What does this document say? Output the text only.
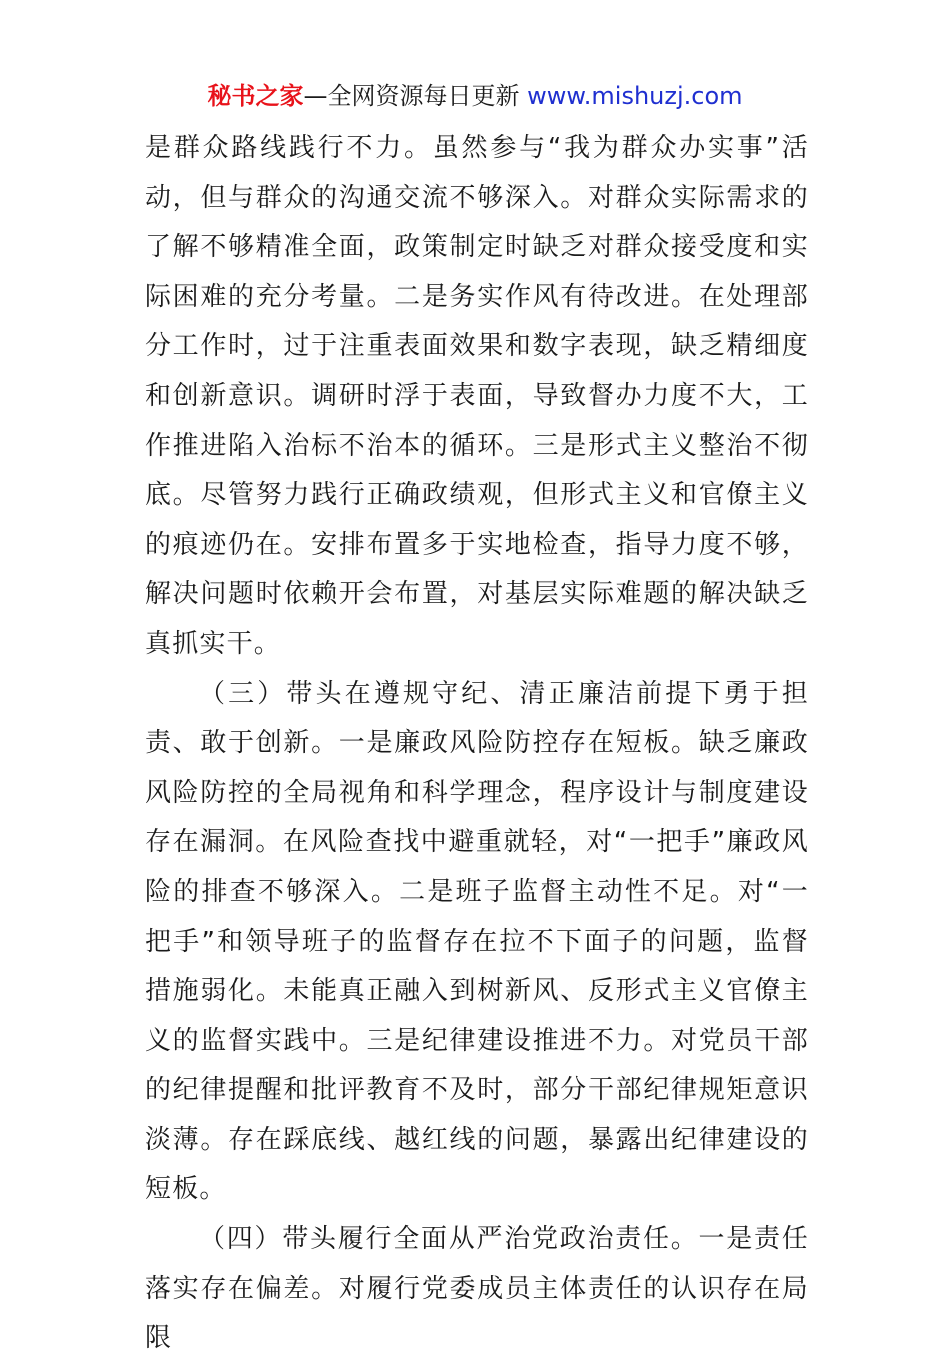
秘书之家—全网资源每日更新 www.mishuzj.com

是群众路线践行不力。虽然参与“我为群众办实事”活动，但与群众的沟通交流不够深入。对群众实际需求的了解不够精准全面，政策制定时缺乏对群众接受度和实际困难的充分考量。二是务实作风有待改进。在处理部分工作时，过于注重表面效果和数字表现，缺乏精细度和创新意识。调研时浮于表面，导致督办力度不大，工作推进陷入治标不治本的循环。三是形式主义整治不彻底。尽管努力践行正确政绩观，但形式主义和官僚主义的痕迹仍在。安排布置多于实地检查，指导力度不够，解决问题时依赖开会布置，对基层实际难题的解决缺乏真抓实干。

（三）带头在遵规守纪、清正廉洁前提下勇于担责、敢于创新。一是廉政风险防控存在短板。缺乏廉政风险防控的全局视角和科学理念，程序设计与制度建设存在漏洞。在风险查找中避重就轻，对“一把手”廉政风险的排查不够深入。二是班子监督主动性不足。对“一把手”和领导班子的监督存在拉不下面子的问题，监督措施弱化。未能真正融入到树新风、反形式主义官僚主义的监督实践中。三是纪律建设推进不力。对党员干部的纪律提醒和批评教育不及时，部分干部纪律规矩意识淡薄。存在踩底线、越红线的问题，暴露出纪律建设的短板。

（四）带头履行全面从严治党政治责任。一是责任落实存在偏差。对履行党委成员主体责任的认识存在局限
